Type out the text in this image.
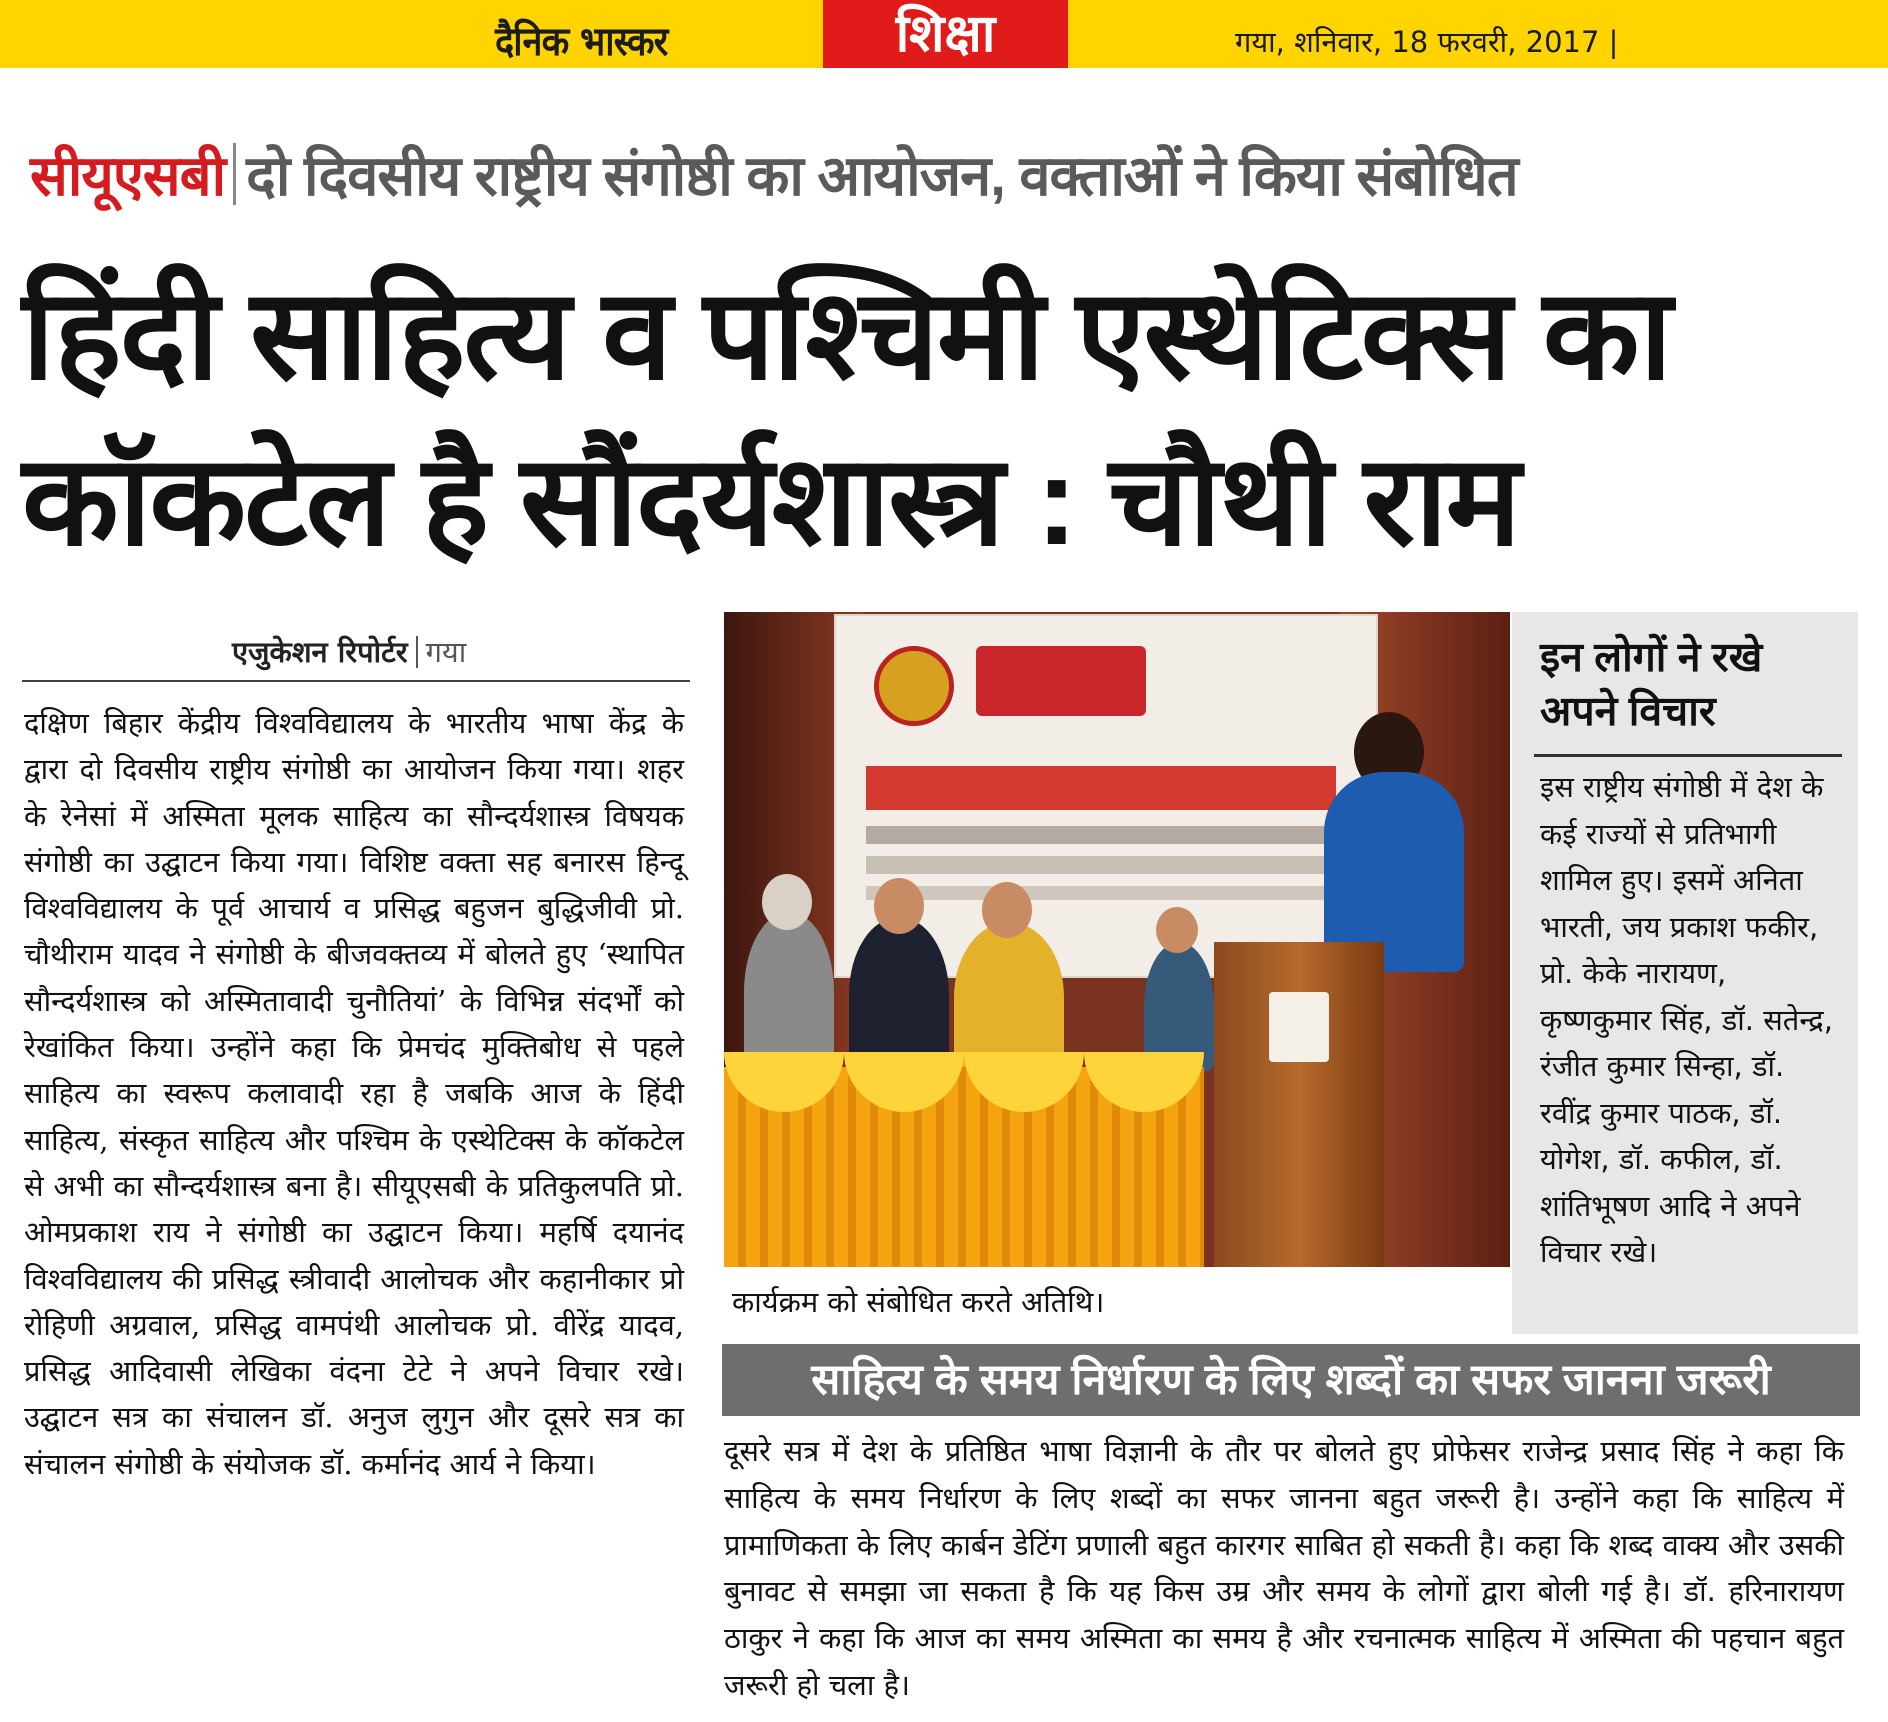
दैनिक भास्कर	शिक्षा	गया, शनिवार, 18 फरवरी, 2017 |
सीयूएसबी दो दिवसीय राष्ट्रीय संगोष्ठी का आयोजन, वक्ताओं ने किया संबोधित
हिंदी साहित्य व पश्चिमी एस्थेटिक्स का
कॉकटेल है सौंदर्यशास्त्र : चौथी राम
एजुकेशन रिपोर्टर गया
दक्षिण बिहार केंद्रीय विश्वविद्यालय के भारतीय भाषा केंद्र के द्वारा दो दिवसीय राष्ट्रीय संगोष्ठी का आयोजन किया गया। शहर के रेनेसां में अस्मिता मूलक साहित्य का सौन्दर्यशास्त्र विषयक संगोष्ठी का उद्घाटन किया गया। विशिष्ट वक्ता सह बनारस हिन्दू विश्वविद्यालय के पूर्व आचार्य व प्रसिद्ध बहुजन बुद्धिजीवी प्रो. चौथीराम यादव ने संगोष्ठी के बीजवक्तव्य में बोलते हुए ‘स्थापित सौन्दर्यशास्त्र को अस्मितावादी चुनौतियां’ के विभिन्न संदर्भों को रेखांकित किया। उन्होंने कहा कि प्रेमचंद मुक्तिबोध से पहले साहित्य का स्वरूप कलावादी रहा है जबकि आज के हिंदी साहित्य, संस्कृत साहित्य और पश्चिम के एस्थेटिक्स के कॉकटेल से अभी का सौन्दर्यशास्त्र बना है। सीयूएसबी के प्रतिकुलपति प्रो. ओमप्रकाश राय ने संगोष्ठी का उद्घाटन किया। महर्षि दयानंद विश्वविद्यालय की प्रसिद्ध स्त्रीवादी आलोचक और कहानीकार प्रो रोहिणी अग्रवाल, प्रसिद्ध वामपंथी आलोचक प्रो. वीरेंद्र यादव, प्रसिद्ध आदिवासी लेखिका वंदना टेटे ने अपने विचार रखे। उद्घाटन सत्र का संचालन डॉ. अनुज लुगुन और दूसरे सत्र का संचालन संगोष्ठी के संयोजक डॉ. कर्मानंद आर्य ने किया।
कार्यक्रम को संबोधित करते अतिथि।
इन लोगों ने रखे अपने विचार
इस राष्ट्रीय संगोष्ठी में देश के कई राज्यों से प्रतिभागी शामिल हुए। इसमें अनिता भारती, जय प्रकाश फकीर, प्रो. केके नारायण, कृष्णकुमार सिंह, डॉ. सतेन्द्र, रंजीत कुमार सिन्हा, डॉ. रवींद्र कुमार पाठक, डॉ. योगेश, डॉ. कफील, डॉ. शांतिभूषण आदि ने अपने विचार रखे।
साहित्य के समय निर्धारण के लिए शब्दों का सफर जानना जरूरी
दूसरे सत्र में देश के प्रतिष्ठित भाषा विज्ञानी के तौर पर बोलते हुए प्रोफेसर राजेन्द्र प्रसाद सिंह ने कहा कि साहित्य के समय निर्धारण के लिए शब्दों का सफर जानना बहुत जरूरी है। उन्होंने कहा कि साहित्य में प्रामाणिकता के लिए कार्बन डेटिंग प्रणाली बहुत कारगर साबित हो सकती है। कहा कि शब्द वाक्य और उसकी बुनावट से समझा जा सकता है कि यह किस उम्र और समय के लोगों द्वारा बोली गई है। डॉ. हरिनारायण ठाकुर ने कहा कि आज का समय अस्मिता का समय है और रचनात्मक साहित्य में अस्मिता की पहचान बहुत जरूरी हो चला है।
